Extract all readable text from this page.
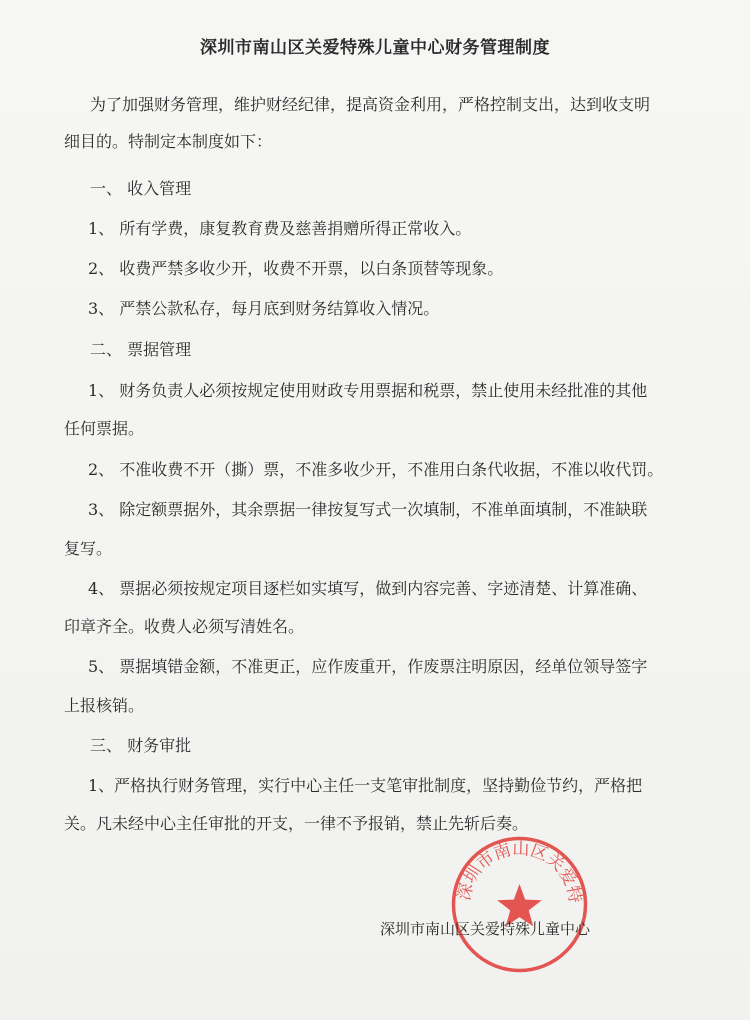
深圳市南山区关爱特殊儿童中心财务管理制度
为了加强财务管理，维护财经纪律，提高资金利用，严格控制支出，达到收支明
细目的。特制定本制度如下：
一、 收入管理
1、 所有学费，康复教育费及慈善捐赠所得正常收入。
2、 收费严禁多收少开，收费不开票，以白条顶替等现象。
3、 严禁公款私存，每月底到财务结算收入情况。
二、 票据管理
1、 财务负责人必须按规定使用财政专用票据和税票，禁止使用未经批准的其他
任何票据。
2、 不准收费不开（撕）票，不准多收少开，不准用白条代收据，不准以收代罚。
3、 除定额票据外，其余票据一律按复写式一次填制，不准单面填制，不准缺联
复写。
4、 票据必须按规定项目逐栏如实填写，做到内容完善、字迹清楚、计算准确、
印章齐全。收费人必须写清姓名。
5、 票据填错金额，不准更正，应作废重开，作废票注明原因，经单位领导签字
上报核销。
三、 财务审批
1、严格执行财务管理，实行中心主任一支笔审批制度，坚持勤俭节约，严格把
关。凡未经中心主任审批的开支，一律不予报销，禁止先斩后奏。
深圳市南山区关爱特
深圳市南山区关爱特殊儿童中心
